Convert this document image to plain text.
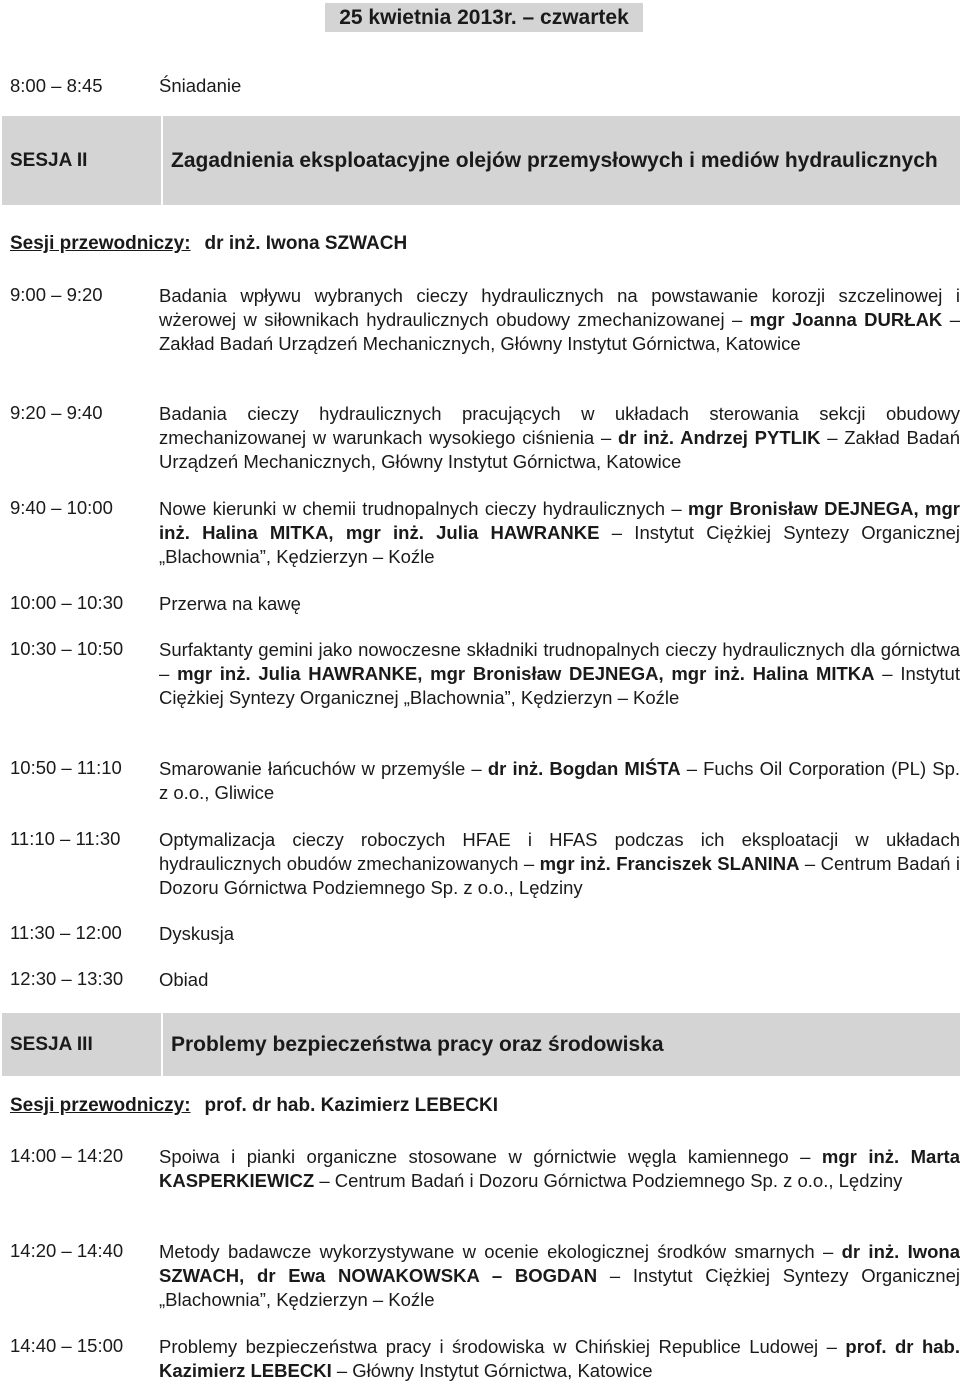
25 kwietnia 2013r. – czwartek
8:00 – 8:45	Śniadanie
SESJA II	Zagadnienia eksploatacyjne olejów przemysłowych i mediów hydraulicznych
Sesji przewodniczy: dr inż. Iwona SZWACH
9:00 – 9:20	Badania wpływu wybranych cieczy hydraulicznych na powstawanie korozji szczelinowej i wżerowej w siłownikach hydraulicznych obudowy zmechanizowanej – mgr Joanna DURŁAK – Zakład Badań Urządzeń Mechanicznych, Główny Instytut Górnictwa, Katowice
9:20 – 9:40	Badania cieczy hydraulicznych pracujących w układach sterowania sekcji obudowy zmechanizowanej w warunkach wysokiego ciśnienia – dr inż. Andrzej PYTLIK – Zakład Badań Urządzeń Mechanicznych, Główny Instytut Górnictwa, Katowice
9:40 – 10:00 Nowe kierunki w chemii trudnopalnych cieczy hydraulicznych – mgr Bronisław DEJNEGA, mgr inż. Halina MITKA, mgr inż. Julia HAWRANKE – Instytut Ciężkiej Syntezy Organicznej „Blachownia”, Kędzierzyn – Koźle
10:00 – 10:30 Przerwa na kawę
10:30 – 10:50 Surfaktanty gemini jako nowoczesne składniki trudnopalnych cieczy hydraulicznych dla górnictwa – mgr inż. Julia HAWRANKE, mgr Bronisław DEJNEGA, mgr inż. Halina MITKA – Instytut Ciężkiej Syntezy Organicznej „Blachownia”, Kędzierzyn – Koźle
10:50 – 11:10 Smarowanie łańcuchów w przemyśle – dr inż. Bogdan MIŚTA – Fuchs Oil Corporation (PL) Sp. z o.o., Gliwice
11:10 – 11:30 Optymalizacja cieczy roboczych HFAE i HFAS podczas ich eksploatacji w układach hydraulicznych obudów zmechanizowanych – mgr inż. Franciszek SLANINA – Centrum Badań i Dozoru Górnictwa Podziemnego Sp. z o.o., Lędziny
11:30 – 12:00 Dyskusja
12:30 – 13:30 Obiad
SESJA III	Problemy bezpieczeństwa pracy oraz środowiska
Sesji przewodniczy: prof. dr hab. Kazimierz LEBECKI
14:00 – 14:20 Spoiwa i pianki organiczne stosowane w górnictwie węgla kamiennego – mgr inż. Marta KASPERKIEWICZ – Centrum Badań i Dozoru Górnictwa Podziemnego Sp. z o.o., Lędziny
14:20 – 14:40 Metody badawcze wykorzystywane w ocenie ekologicznej środków smarnych – dr inż. Iwona SZWACH, dr Ewa NOWAKOWSKA – BOGDAN – Instytut Ciężkiej Syntezy Organicznej „Blachownia”, Kędzierzyn – Koźle
14:40 – 15:00 Problemy bezpieczeństwa pracy i środowiska w Chińskiej Republice Ludowej – prof. dr hab. Kazimierz LEBECKI – Główny Instytut Górnictwa, Katowice
